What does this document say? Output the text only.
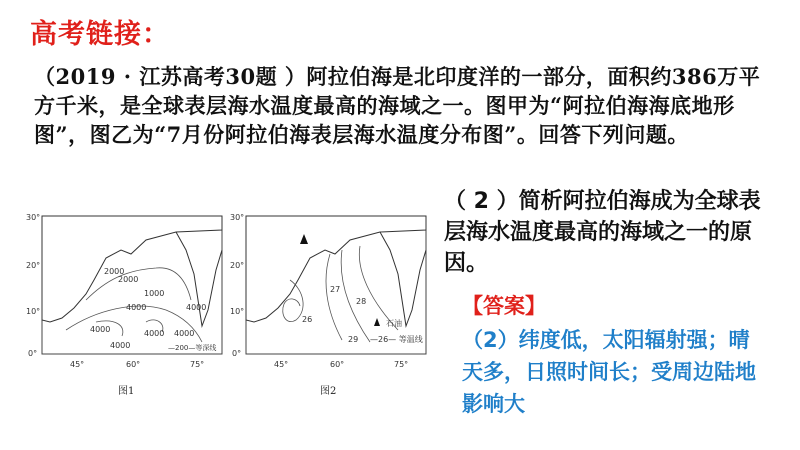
高考链接：
（2019 · 江苏高考30题 ）阿拉伯海是北印度洋的一部分，面积约386万平方千米，是全球表层海水温度最高的海域之一。图甲为“阿拉伯海海底地形图”，图乙为“7月份阿拉伯海表层海水温度分布图”。回答下列问题。
30°
20°
10°
0°
2000
2000
1000
4000	4000
4000
4000
4000 4000
—200—等深线
45°	60°	75°
图1
30°
20°
10°
0°
26
27
28
29
石油
—26— 等温线
45°	60°	75°
图2
（ 2 ）简析阿拉伯海成为全球表层海水温度最高的海域之一的原因。
【答案】
（2）纬度低，太阳辐射强；晴天多，日照时间长；受周边陆地影响大
